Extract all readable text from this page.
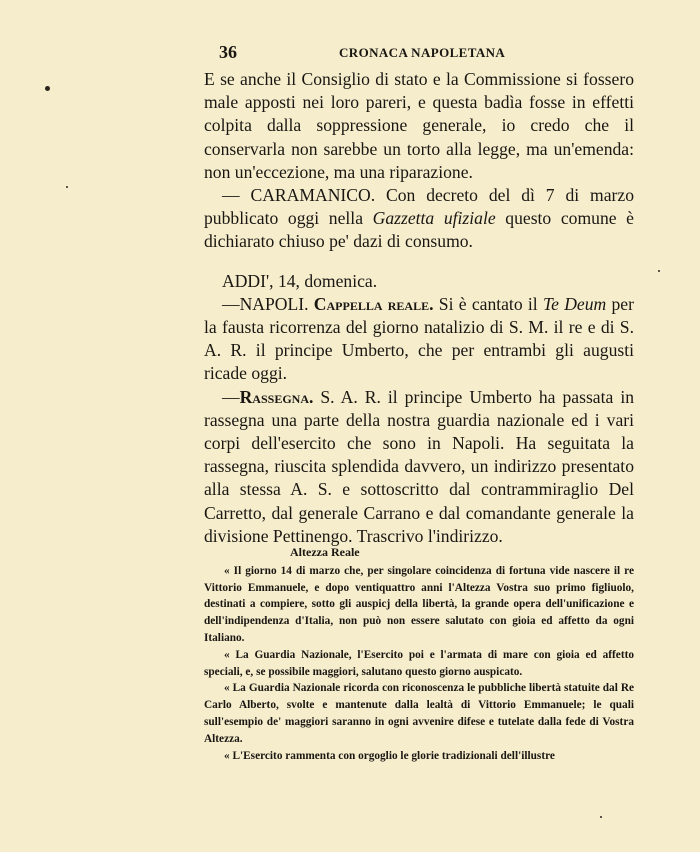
36	CRONACA NAPOLETANA

E se anche il Consiglio di stato e la Commissione si fossero male apposti nei loro pareri, e questa badìa fosse in effetti colpita dalla soppressione generale, io credo che il conservarla non sarebbe un torto alla legge, ma un'emenda: non un'eccezione, ma una riparazione.

— CARAMANICO. Con decreto del dì 7 di marzo pubblicato oggi nella Gazzetta ufiziale questo comune è dichiarato chiuso pe' dazi di consumo.

ADDI', 14, domenica.

—NAPOLI. Cappella reale. Si è cantato il Te Deum per la fausta ricorrenza del giorno natalizio di S. M. il re e di S. A. R. il principe Umberto, che per entrambi gli augusti ricade oggi.

—Rassegna. S. A. R. il principe Umberto ha passata in rassegna una parte della nostra guardia nazionale ed i vari corpi dell'esercito che sono in Napoli. Ha seguitata la rassegna, riuscita splendida davvero, un indirizzo presentato alla stessa A. S. e sottoscritto dal contrammiraglio Del Carretto, dal generale Carrano e dal comandante generale la divisione Pettinengo. Trascrivo l'indirizzo.

Altezza Reale

« Il giorno 14 di marzo che, per singolare coincidenza di fortuna vide nascere il re Vittorio Emmanuele, e dopo ventiquattro anni l'Altezza Vostra suo primo figliuolo, destinati a compiere, sotto gli auspicj della libertà, la grande opera dell'unificazione e dell'indipendenza d'Italia, non può non essere salutato con gioia ed affetto da ogni Italiano.

« La Guardia Nazionale, l'Esercito poi e l'armata di mare con gioia ed affetto speciali, e, se possibile maggiori, salutano questo giorno auspicato.

« La Guardia Nazionale ricorda con riconoscenza le pubbliche libertà statuite dal Re Carlo Alberto, svolte e mantenute dalla lealtà di Vittorio Emmanuele; le quali sull'esempio de' maggiori saranno in ogni avvenire difese e tutelate dalla fede di Vostra Altezza.

« L'Esercito rammenta con orgoglio le glorie tradizionali dell'illustre
